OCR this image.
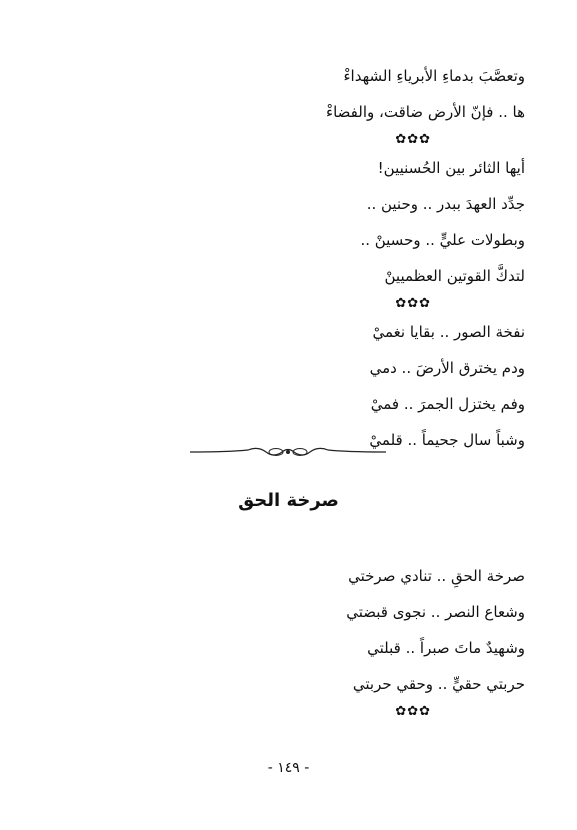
وتعصَّبَ بدماءِ الأبرياءِ الشهداءْ
ها .. فإنّ الأرض ضاقت، والفضاءْ
✿✿✿
أيها الثائر بين الحُسنيين!
جدِّد العهدَ ببدر .. وحنين ..
وبطولات عليٍّ .. وحسينْ ..
لتدكَّ القوتين العظميينْ
✿✿✿
نفخة الصور .. بقايا نغميْ
ودم يخترق الأرضَ .. دمي
وفم يختزل الجمرَ .. فميْ
وشباً سال جحيماً .. قلميْ
صرخة الحق
صرخة الحقِ .. تنادي صرختي
وشعاع النصر .. نجوى قبضتي
وشهيدٌ ماتَ صبراً .. قبلتي
حربتي حقيٍّ .. وحقي حربتي
✿✿✿
- ١٤٩ -
